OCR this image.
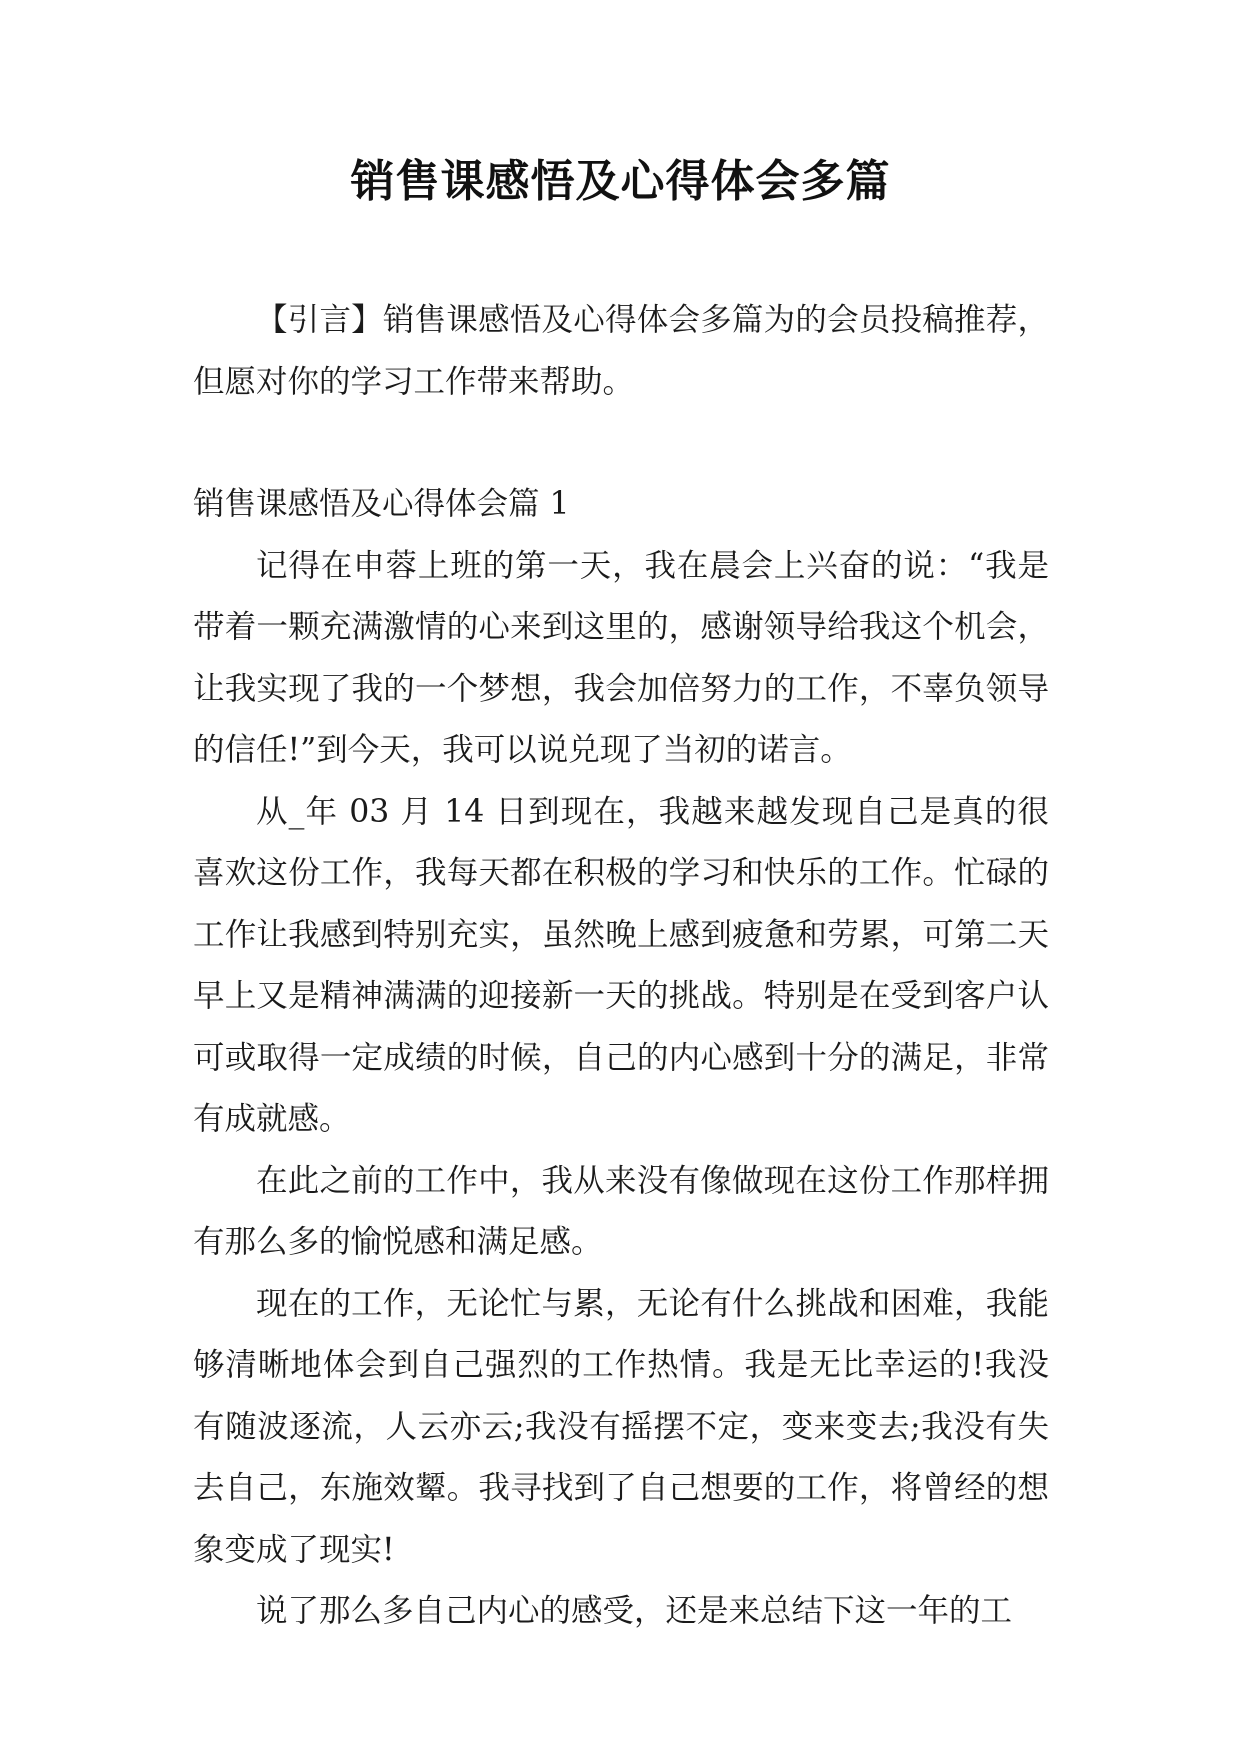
销售课感悟及心得体会多篇

【引言】销售课感悟及心得体会多篇为的会员投稿推荐，但愿对你的学习工作带来帮助。

销售课感悟及心得体会篇 1

记得在申蓉上班的第一天，我在晨会上兴奋的说：“我是带着一颗充满激情的心来到这里的，感谢领导给我这个机会，让我实现了我的一个梦想，我会加倍努力的工作，不辜负领导的信任!”到今天，我可以说兑现了当初的诺言。

从_年 03 月 14 日到现在，我越来越发现自己是真的很喜欢这份工作，我每天都在积极的学习和快乐的工作。忙碌的工作让我感到特别充实，虽然晚上感到疲惫和劳累，可第二天早上又是精神满满的迎接新一天的挑战。特别是在受到客户认可或取得一定成绩的时候，自己的内心感到十分的满足，非常有成就感。

在此之前的工作中，我从来没有像做现在这份工作那样拥有那么多的愉悦感和满足感。

现在的工作，无论忙与累，无论有什么挑战和困难，我能够清晰地体会到自己强烈的工作热情。我是无比幸运的!我没有随波逐流，人云亦云;我没有摇摆不定，变来变去;我没有失去自己，东施效颦。我寻找到了自己想要的工作，将曾经的想象变成了现实!

说了那么多自己内心的感受，还是来总结下这一年的工
